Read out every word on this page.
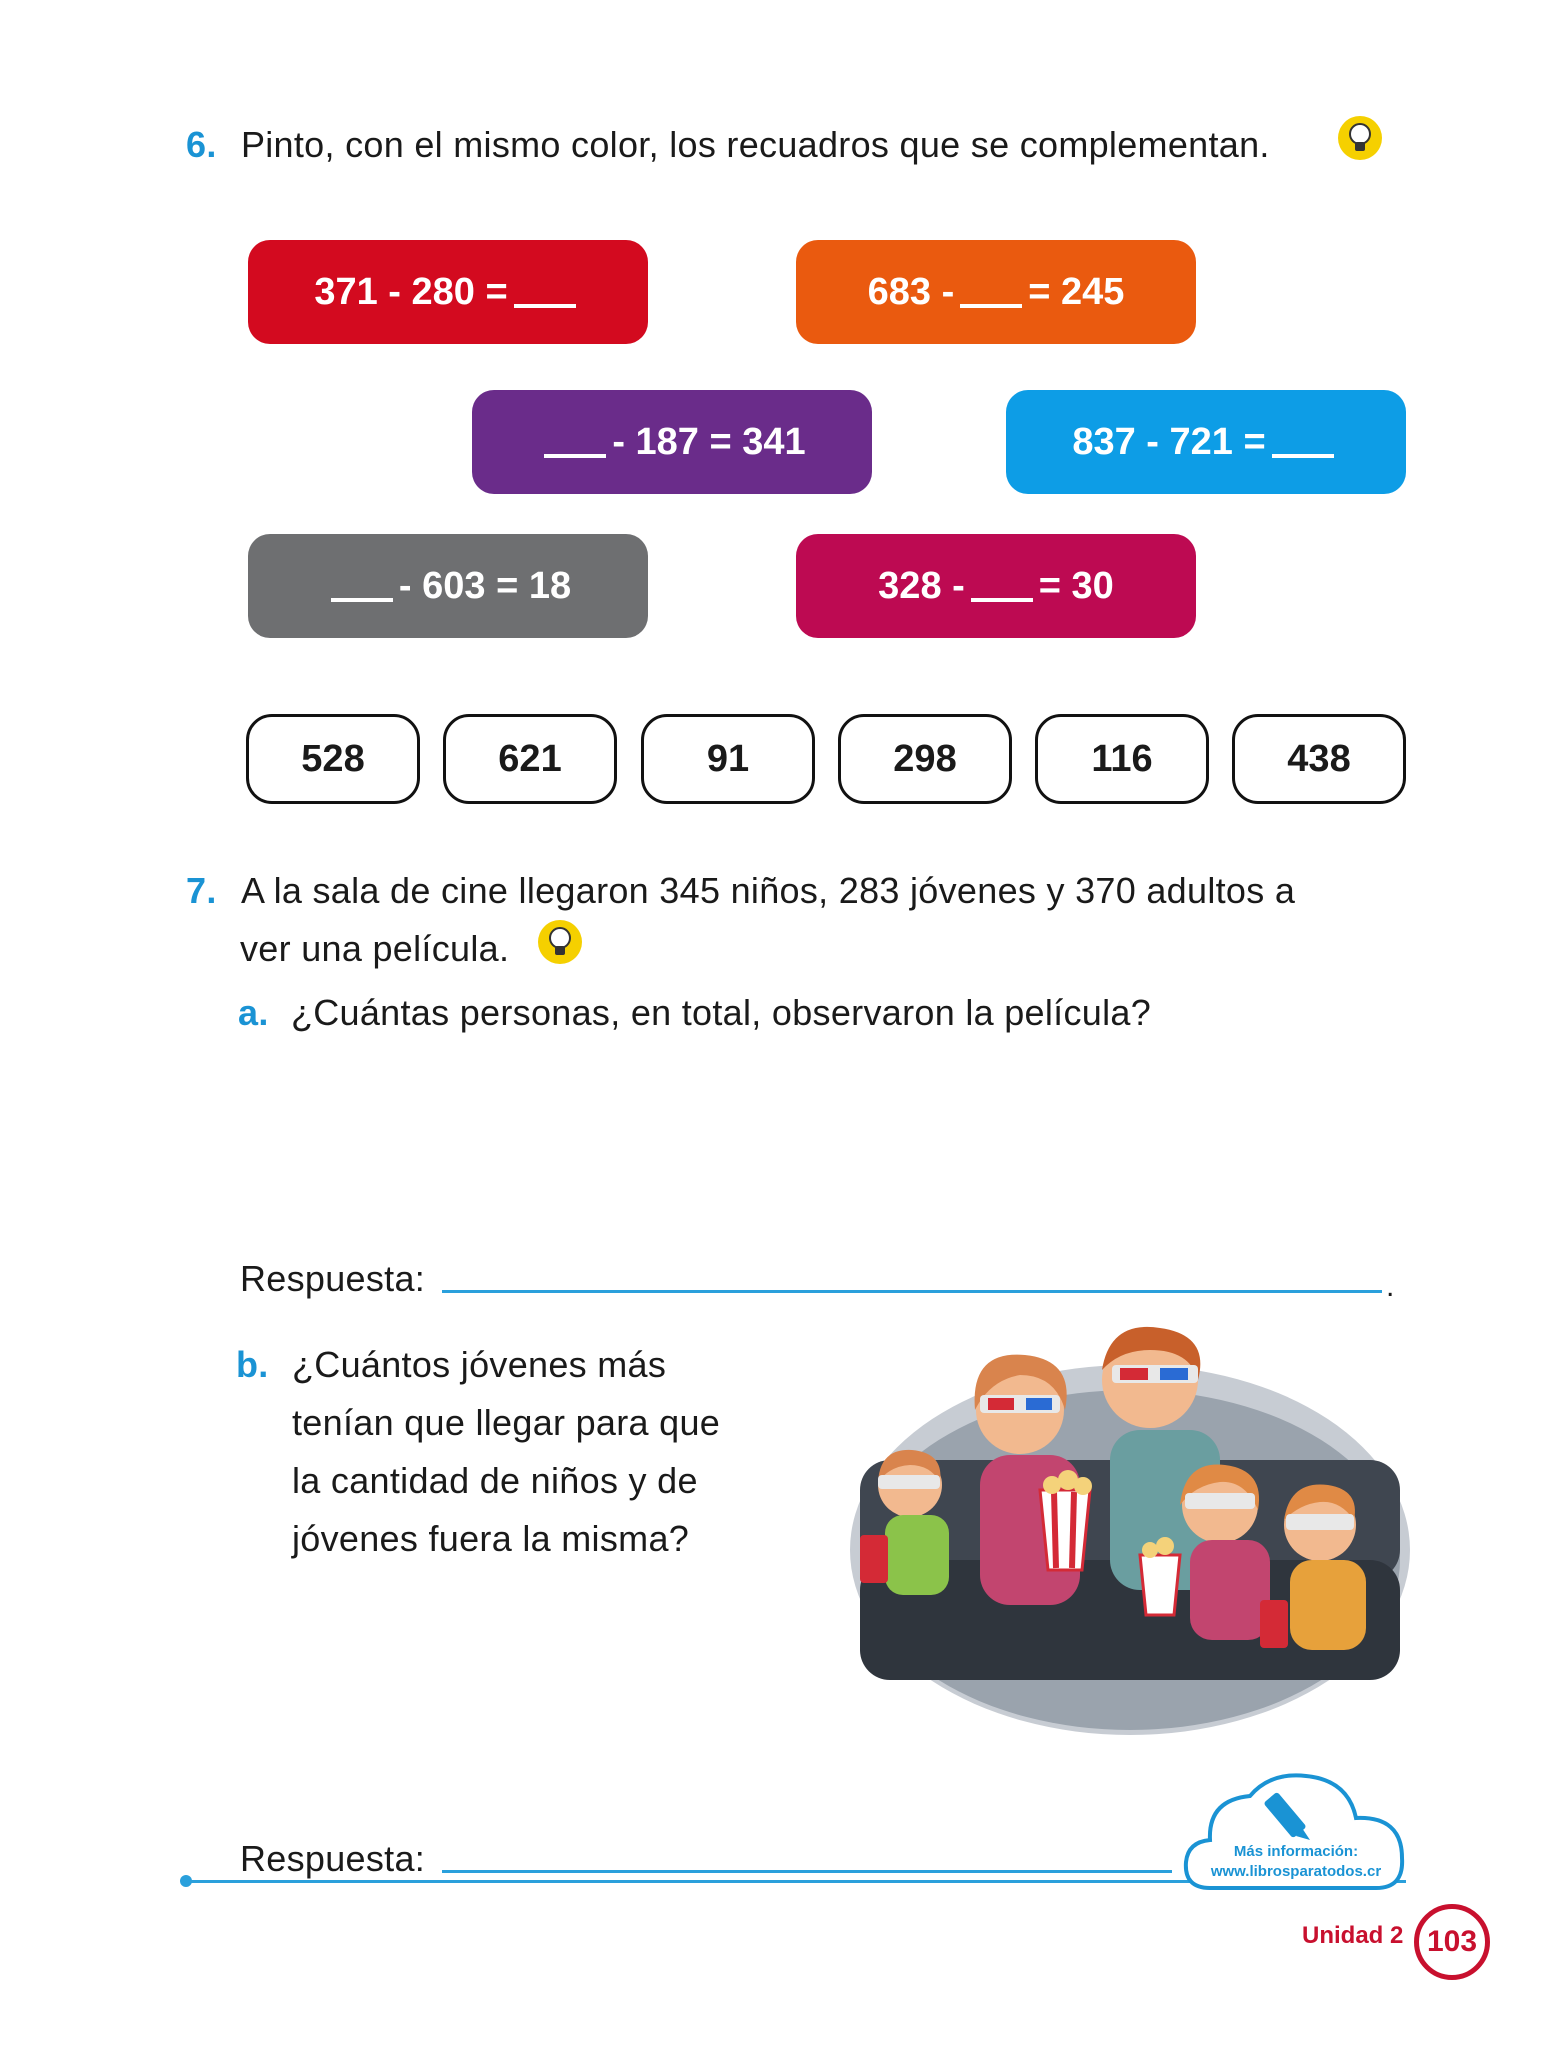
6. Pinto, con el mismo color, los recuadros que se complementan.
371 - 280 =	683 - = 245
- 187 = 341	837 - 721 =
- 603 = 18	328 - = 30
528	621	91	298	116	438
7. A la sala de cine llegaron 345 niños, 283 jóvenes y 370 adultos a
ver una película.
a. ¿Cuántas personas, en total, observaron la película?
Respuesta:	.
b. ¿Cuántos jóvenes más
tenían que llegar para que
la cantidad de niños y de
jóvenes fuera la misma?
Respuesta:	Más información:
www.librosparatodos.cr
Unidad 2 103
